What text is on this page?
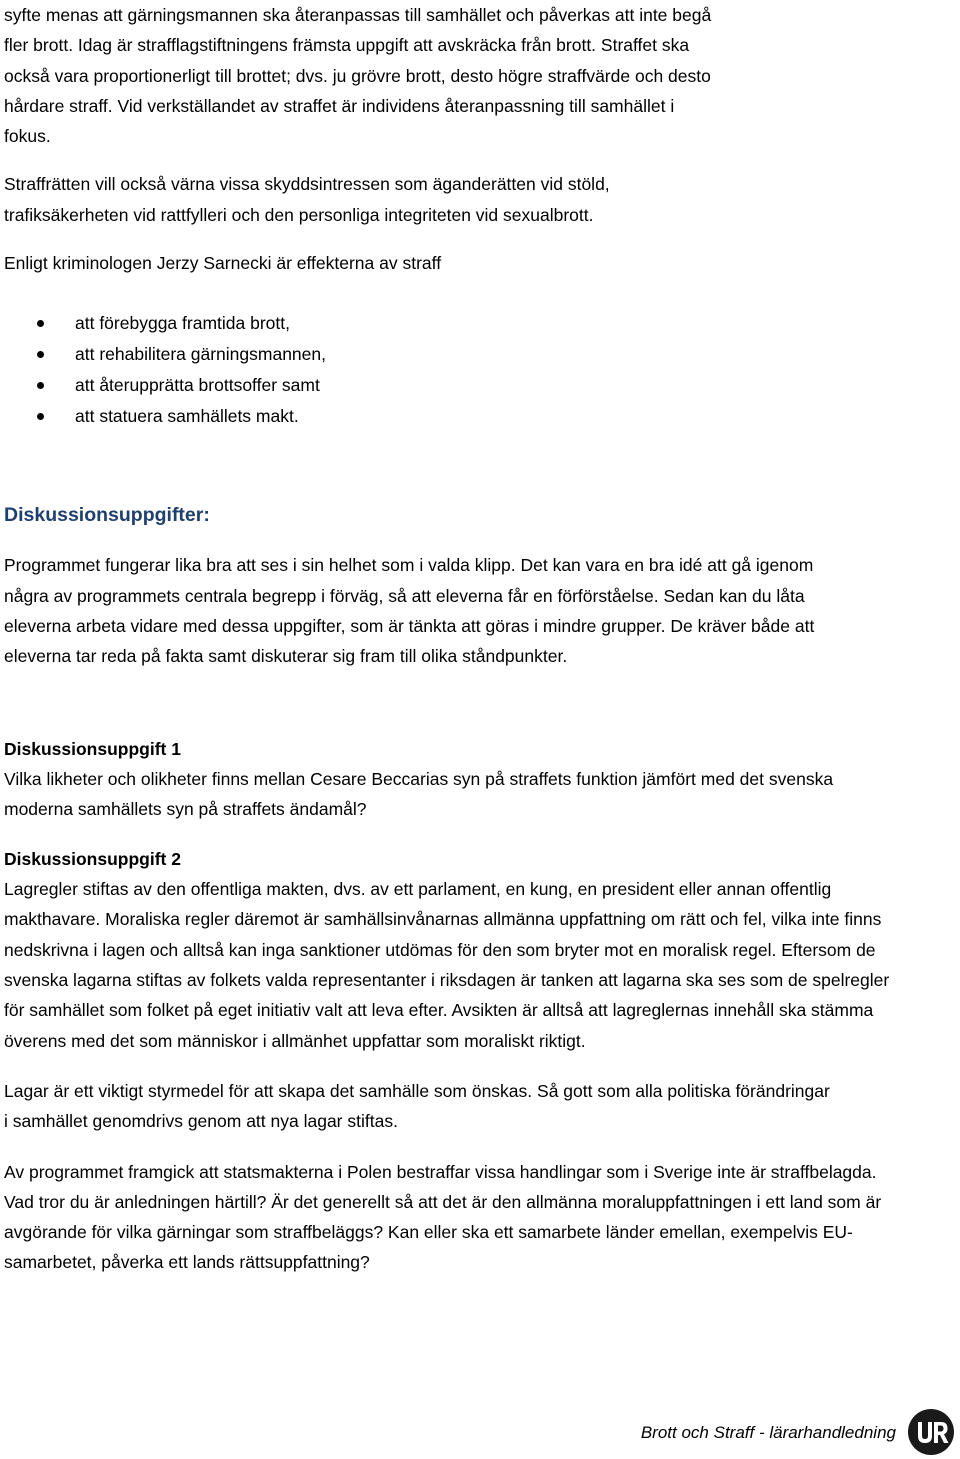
syfte menas att gärningsmannen ska återanpassas till samhället och påverkas att inte begå fler brott. Idag är strafflagstiftningens främsta uppgift att avskräcka från brott. Straffet ska också vara proportionerligt till brottet; dvs. ju grövre brott, desto högre straffvärde och desto hårdare straff. Vid verkställandet av straffet är individens återanpassning till samhället i fokus.

Straffrätten vill också värna vissa skyddsintressen som äganderätten vid stöld, trafiksäkerheten vid rattfylleri och den personliga integriteten vid sexualbrott.

Enligt kriminologen Jerzy Sarnecki är effekterna av straff

att förebygga framtida brott,
att rehabilitera gärningsmannen,
att återupprätta brottsoffer samt
att statuera samhällets makt.
Diskussionsuppgifter:

Programmet fungerar lika bra att ses i sin helhet som i valda klipp. Det kan vara en bra idé att gå igenom några av programmets centrala begrepp i förväg, så att eleverna får en förförståelse. Sedan kan du låta eleverna arbeta vidare med dessa uppgifter, som är tänkta att göras i mindre grupper. De kräver både att eleverna tar reda på fakta samt diskuterar sig fram till olika ståndpunkter.

Diskussionsuppgift 1

Vilka likheter och olikheter finns mellan Cesare Beccarias syn på straffets funktion jämfört med det svenska moderna samhällets syn på straffets ändamål?

Diskussionsuppgift 2

Lagregler stiftas av den offentliga makten, dvs. av ett parlament, en kung, en president eller annan offentlig makthavare. Moraliska regler däremot är samhällsinvånarnas allmänna uppfattning om rätt och fel, vilka inte finns nedskrivna i lagen och alltså kan inga sanktioner utdömas för den som bryter mot en moralisk regel. Eftersom de svenska lagarna stiftas av folkets valda representanter i riksdagen är tanken att lagarna ska ses som de spelregler för samhället som folket på eget initiativ valt att leva efter. Avsikten är alltså att lagreglernas innehåll ska stämma överens med det som människor i allmänhet uppfattar som moraliskt riktigt.

Lagar är ett viktigt styrmedel för att skapa det samhälle som önskas. Så gott som alla politiska förändringar i samhället genomdrivs genom att nya lagar stiftas.

Av programmet framgick att statsmakterna i Polen bestraffar vissa handlingar som i Sverige inte är straffbelagda. Vad tror du är anledningen härtill? Är det generellt så att det är den allmänna moraluppfattningen i ett land som är avgörande för vilka gärningar som straffbeläggs? Kan eller ska ett samarbete länder emellan, exempelvis EU-samarbetet, påverka ett lands rättsuppfattning?

Brott och Straff - lärarhandledning
